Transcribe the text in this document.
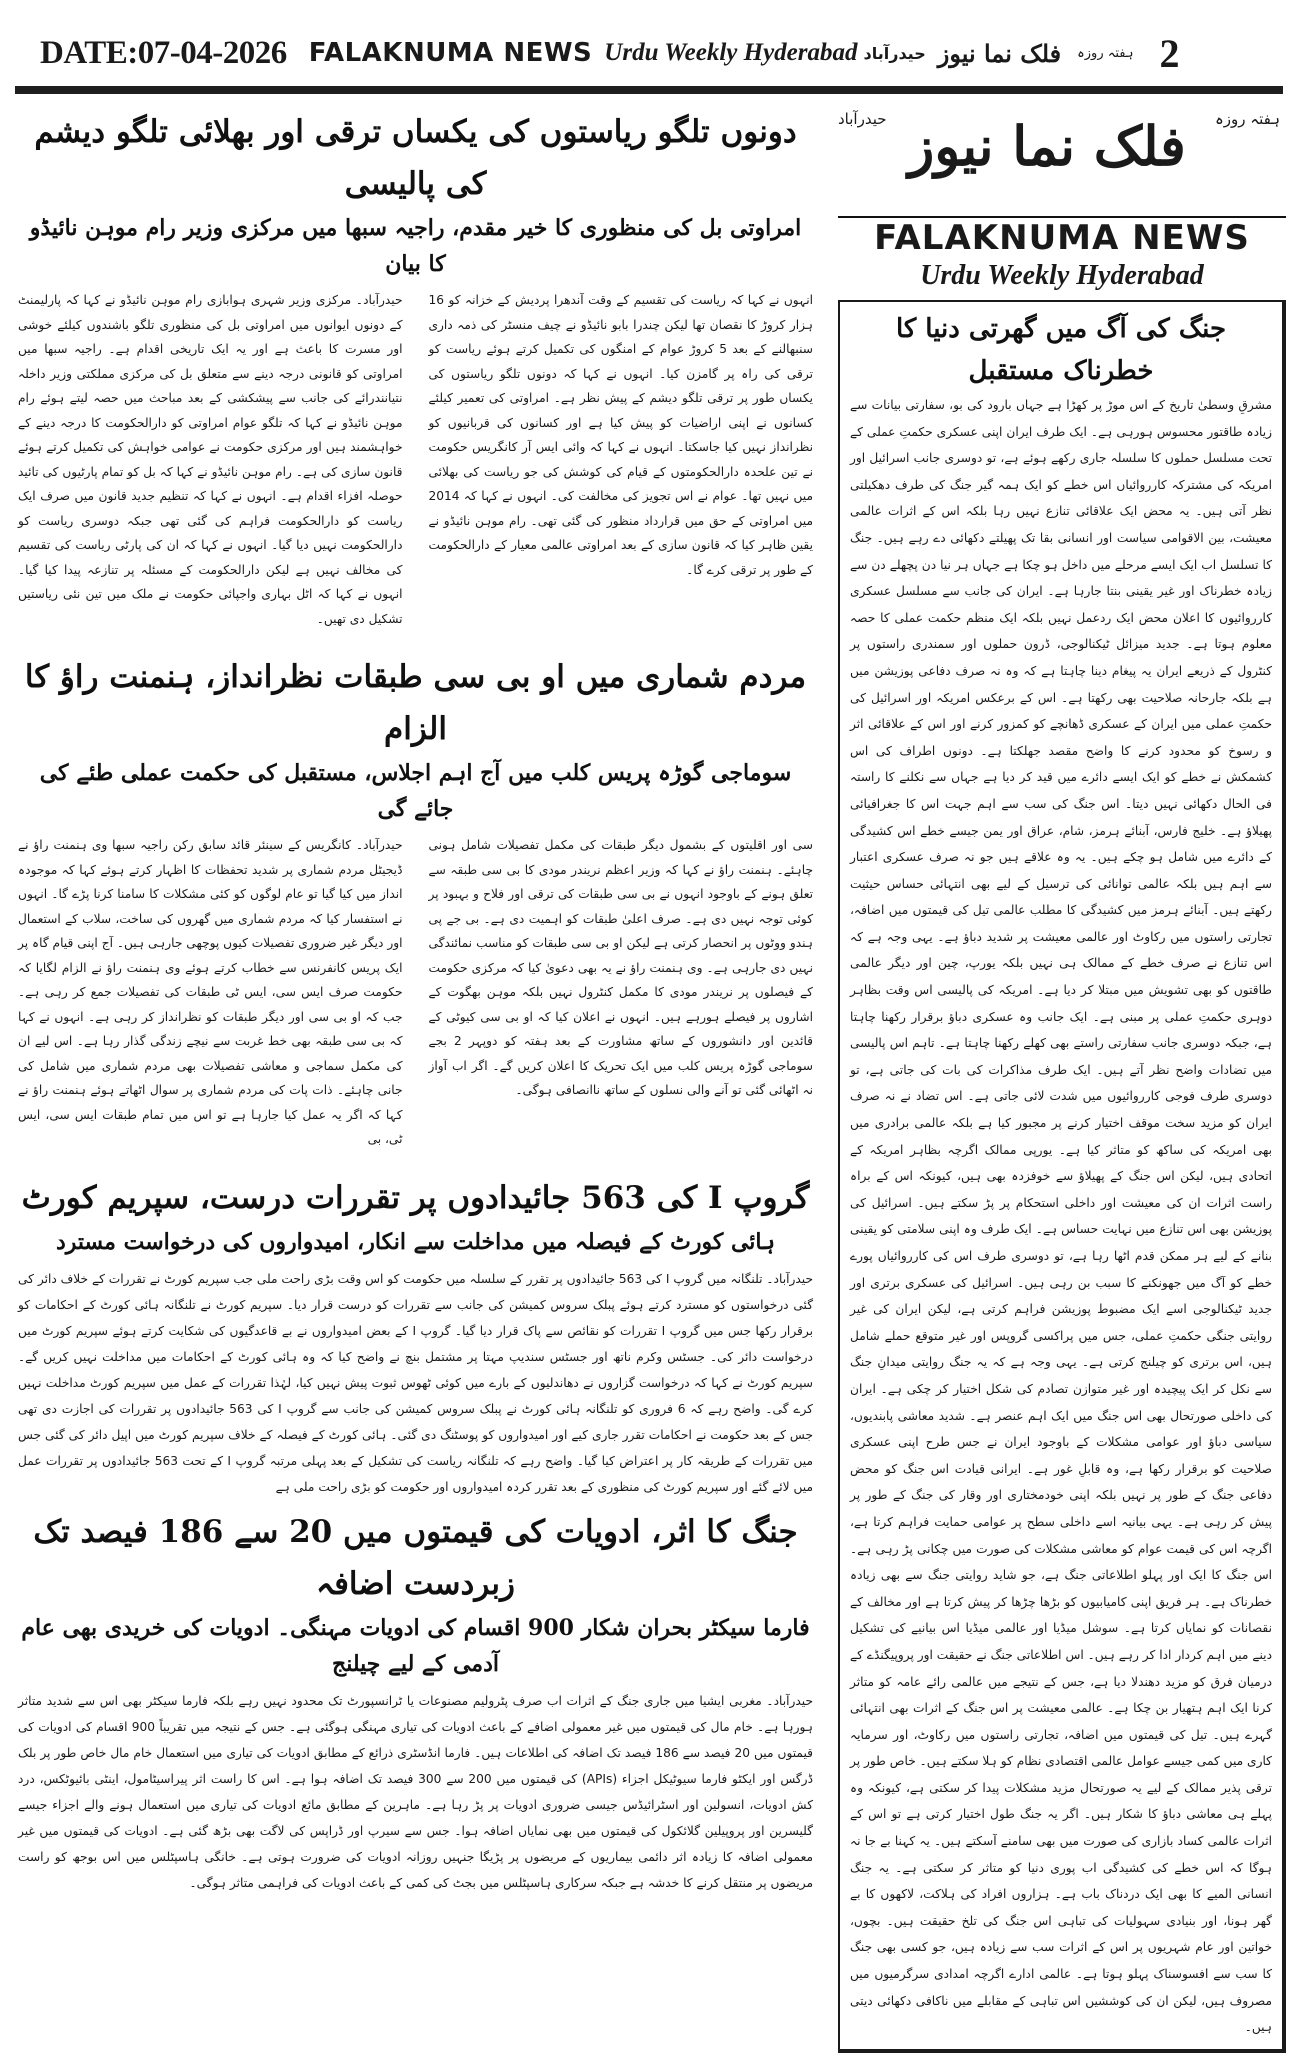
DATE:07-04-2026 FALAKNUMA NEWS Urdu Weekly Hyderabad حیدرآباد فلک نما نیوز ہفتہ روزہ 2
دونوں تلگو ریاستوں کی یکساں ترقی اور بھلائی تلگو دیشم کی پالیسی
امراوتی بل کی منظوری کا خیر مقدم، راجیہ سبھا میں مرکزی وزیر رام موہن نائیڈو کا بیان
حیدرآباد۔ مرکزی وزیر شہری ہوابازی رام موہن نائیڈو نے کہا کہ پارلیمنٹ کے دونوں ایوانوں میں امراوتی بل کی منظوری تلگو باشندوں کیلئے خوشی اور مسرت کا باعث ہے اور یہ ایک تاریخی اقدام ہے۔ راجیہ سبھا میں امراوتی کو قانونی درجہ دینے سے متعلق بل کی مرکزی مملکتی وزیر داخلہ نتیانندرائے کی جانب سے پیشکشی کے بعد مباحث میں حصہ لیتے ہوئے رام موہن نائیڈو نے کہا کہ تلگو عوام امراوتی کو دارالحکومت کا درجہ دینے کے خواہشمند ہیں اور مرکزی حکومت نے عوامی خواہش کی تکمیل کرتے ہوئے قانون سازی کی ہے۔ رام موہن نائیڈو نے کہا کہ بل کو تمام پارٹیوں کی تائید حوصلہ افزاء اقدام ہے۔ انہوں نے کہا کہ تنظیم جدید قانون میں صرف ایک ریاست کو دارالحکومت فراہم کی گئی تھی جبکہ دوسری ریاست کو دارالحکومت نہیں دیا گیا۔ انہوں نے کہا کہ ان کی پارٹی ریاست کی تقسیم کی مخالف نہیں ہے لیکن دارالحکومت کے مسئلہ پر تنازعہ پیدا کیا گیا۔ انہوں نے کہا کہ اٹل بہاری واجپائی حکومت نے ملک میں تین نئی ریاستیں تشکیل دی تھیں۔
انہوں نے کہا کہ ریاست کی تقسیم کے وقت آندھرا پردیش کے خزانہ کو 16 ہزار کروڑ کا نقصان تھا لیکن چندرا بابو نائیڈو نے چیف منسٹر کی ذمہ داری سنبھالنے کے بعد 5 کروڑ عوام کے امنگوں کی تکمیل کرتے ہوئے ریاست کو ترقی کی راہ پر گامزن کیا۔ انہوں نے کہا کہ دونوں تلگو ریاستوں کی یکساں طور پر ترقی تلگو دیشم کے پیش نظر ہے۔ امراوتی کی تعمیر کیلئے کسانوں نے اپنی اراضیات کو پیش کیا ہے اور کسانوں کی قربانیوں کو نظرانداز نہیں کیا جاسکتا۔ انہوں نے کہا کہ وائی ایس آر کانگریس حکومت نے تین علحدہ دارالحکومتوں کے قیام کی کوشش کی جو ریاست کی بھلائی میں نہیں تھا۔ عوام نے اس تجویز کی مخالفت کی۔ انہوں نے کہا کہ 2014 میں امراوتی کے حق میں قرارداد منظور کی گئی تھی۔ رام موہن نائیڈو نے یقین ظاہر کیا کہ قانون سازی کے بعد امراوتی عالمی معیار کے دارالحکومت کے طور پر ترقی کرے گا۔
مردم شماری میں او بی سی طبقات نظرانداز، ہنمنت راؤ کا الزام
سوماجی گوڑہ پریس کلب میں آج اہم اجلاس، مستقبل کی حکمت عملی طئے کی جائے گی
حیدرآباد۔ کانگریس کے سینئر قائد سابق رکن راجیہ سبھا وی ہنمنت راؤ نے ڈیجیٹل مردم شماری پر شدید تحفظات کا اظہار کرتے ہوئے کہا کہ موجودہ انداز میں کیا گیا تو عام لوگوں کو کئی مشکلات کا سامنا کرنا پڑے گا۔ انہوں نے استفسار کیا کہ مردم شماری میں گھروں کی ساخت، سلاب کے استعمال اور دیگر غیر ضروری تفصیلات کیوں پوچھی جارہی ہیں۔ آج اپنی قیام گاہ پر ایک پریس کانفرنس سے خطاب کرتے ہوئے وی ہنمنت راؤ نے الزام لگایا کہ حکومت صرف ایس سی، ایس ٹی طبقات کی تفصیلات جمع کر رہی ہے۔ جب کہ او بی سی اور دیگر طبقات کو نظرانداز کر رہی ہے۔ انہوں نے کہا کہ بی سی طبقہ بھی خط غربت سے نیچے زندگی گذار رہا ہے۔ اس لیے ان کی مکمل سماجی و معاشی تفصیلات بھی مردم شماری میں شامل کی جانی چاہئے۔ ذات پات کی مردم شماری پر سوال اٹھاتے ہوئے ہنمنت راؤ نے کہا کہ اگر یہ عمل کیا جارہا ہے تو اس میں تمام طبقات ایس سی، ایس ٹی، بی
سی اور اقلیتوں کے بشمول دیگر طبقات کی مکمل تفصیلات شامل ہونی چاہئے۔ ہنمنت راؤ نے کہا کہ وزیر اعظم نریندر مودی کا بی سی طبقہ سے تعلق ہونے کے باوجود انہوں نے بی سی طبقات کی ترقی اور فلاح و بہبود پر کوئی توجہ نہیں دی ہے۔ صرف اعلیٰ طبقات کو اہمیت دی ہے۔ بی جے پی ہندو ووٹوں پر انحصار کرتی ہے لیکن او بی سی طبقات کو مناسب نمائندگی نہیں دی جارہی ہے۔ وی ہنمنت راؤ نے یہ بھی دعویٰ کیا کہ مرکزی حکومت کے فیصلوں پر نریندر مودی کا مکمل کنٹرول نہیں بلکہ موہن بھگوت کے اشاروں پر فیصلے ہورہے ہیں۔ انہوں نے اعلان کیا کہ او بی سی کیوٹی کے قائدین اور دانشوروں کے ساتھ مشاورت کے بعد ہفتہ کو دوپہر 2 بجے سوماجی گوڑہ پریس کلب میں ایک تحریک کا اعلان کریں گے۔ اگر اب آواز نہ اٹھائی گئی تو آنے والی نسلوں کے ساتھ ناانصافی ہوگی۔
گروپ I کی 563 جائیدادوں پر تقررات درست، سپریم کورٹ
ہائی کورٹ کے فیصلہ میں مداخلت سے انکار، امیدواروں کی درخواست مسترد
حیدرآباد۔ تلنگانہ میں گروپ I کی 563 جائیدادوں پر تقرر کے سلسلہ میں حکومت کو اس وقت بڑی راحت ملی جب سپریم کورٹ نے تقررات کے خلاف دائر کی گئی درخواستوں کو مسترد کرتے ہوئے پبلک سروس کمیشن کی جانب سے تقررات کو درست قرار دیا۔ سپریم کورٹ نے تلنگانہ ہائی کورٹ کے احکامات کو برقرار رکھا جس میں گروپ I تقررات کو نقائص سے پاک قرار دیا گیا۔ گروپ I کے بعض امیدواروں نے بے قاعدگیوں کی شکایت کرتے ہوئے سپریم کورٹ میں درخواست دائر کی۔ جسٹس وکرم ناتھ اور جسٹس سندیپ مہتا پر مشتمل بنچ نے واضح کیا کہ وہ ہائی کورٹ کے احکامات میں مداخلت نہیں کریں گے۔ سپریم کورٹ نے کہا کہ درخواست گزاروں نے دھاندلیوں کے بارے میں کوئی ٹھوس ثبوت پیش نہیں کیا، لہٰذا تقررات کے عمل میں سپریم کورٹ مداخلت نہیں کرے گی۔ واضح رہے کہ 6 فروری کو تلنگانہ ہائی کورٹ نے پبلک سروس کمیشن کی جانب سے گروپ I کی 563 جائیدادوں پر تقررات کی اجازت دی تھی جس کے بعد حکومت نے احکامات تقرر جاری کیے اور امیدواروں کو پوسٹنگ دی گئی۔ ہائی کورٹ کے فیصلہ کے خلاف سپریم کورٹ میں اپیل دائر کی گئی جس میں تقررات کے طریقہ کار پر اعتراض کیا گیا۔ واضح رہے کہ تلنگانہ ریاست کی تشکیل کے بعد پہلی مرتبہ گروپ I کے تحت 563 جائیدادوں پر تقررات عمل میں لائے گئے اور سپریم کورٹ کی منظوری کے بعد تقرر کردہ امیدواروں اور حکومت کو بڑی راحت ملی ہے
جنگ کا اثر، ادویات کی قیمتوں میں 20 سے 186 فیصد تک زبردست اضافہ
فارما سیکٹر بحران شکار 900 اقسام کی ادویات مہنگی۔ ادویات کی خریدی بھی عام آدمی کے لیے چیلنج
حیدرآباد۔ مغربی ایشیا میں جاری جنگ کے اثرات اب صرف پٹرولیم مصنوعات یا ٹرانسپورٹ تک محدود نہیں رہے بلکہ فارما سیکٹر بھی اس سے شدید متاثر ہورہا ہے۔ خام مال کی قیمتوں میں غیر معمولی اضافے کے باعث ادویات کی تیاری مہنگی ہوگئی ہے۔ جس کے نتیجہ میں تقریباً 900 اقسام کی ادویات کی قیمتوں میں 20 فیصد سے 186 فیصد تک اضافہ کی اطلاعات ہیں۔ فارما انڈسٹری ذرائع کے مطابق ادویات کی تیاری میں استعمال خام مال خاص طور پر بلک ڈرگس اور ایکٹو فارما سیوٹیکل اجزاء (APIs) کی قیمتوں میں 200 سے 300 فیصد تک اضافہ ہوا ہے۔ اس کا راست اثر پیراسیٹامول، اینٹی بائیوٹکس، درد کش ادویات، انسولین اور اسٹرائیڈس جیسی ضروری ادویات پر پڑ رہا ہے۔ ماہرین کے مطابق مائع ادویات کی تیاری میں استعمال ہونے والے اجزاء جیسے گلیسرین اور پروپیلین گلائکول کی قیمتوں میں بھی نمایاں اضافہ ہوا۔ جس سے سیرپ اور ڈراپس کی لاگت بھی بڑھ گئی ہے۔ ادویات کی قیمتوں میں غیر معمولی اضافہ کا زیادہ اثر دائمی بیماریوں کے مریضوں پر پڑیگا جنہیں روزانہ ادویات کی ضرورت ہوتی ہے۔ خانگی ہاسپٹلس میں اس بوجھ کو راست مریضوں پر منتقل کرنے کا خدشہ ہے جبکہ سرکاری ہاسپٹلس میں بجٹ کی کمی کے باعث ادویات کی فراہمی متاثر ہوگی۔
ہفتہ روزہ
حیدرآباد فلک نما نیوز
FALAKNUMA NEWS
Urdu Weekly Hyderabad
جنگ کی آگ میں گھرتی دنیا کا خطرناک مستقبل
مشرقِ وسطیٰ تاریخ کے اس موڑ پر کھڑا ہے جہاں بارود کی بو، سفارتی بیانات سے زیادہ طاقتور محسوس ہورہی ہے۔ ایک طرف ایران اپنی عسکری حکمتِ عملی کے تحت مسلسل حملوں کا سلسلہ جاری رکھے ہوئے ہے، تو دوسری جانب اسرائیل اور امریکہ کی مشترکہ کارروائیاں اس خطے کو ایک ہمہ گیر جنگ کی طرف دھکیلتی نظر آتی ہیں۔ یہ محض ایک علاقائی تنازع نہیں رہا بلکہ اس کے اثرات عالمی معیشت، بین الاقوامی سیاست اور انسانی بقا تک پھیلتے دکھائی دے رہے ہیں۔ جنگ کا تسلسل اب ایک ایسے مرحلے میں داخل ہو چکا ہے جہاں ہر نیا دن پچھلے دن سے زیادہ خطرناک اور غیر یقینی بنتا جارہا ہے۔ ایران کی جانب سے مسلسل عسکری کارروائیوں کا اعلان محض ایک ردعمل نہیں بلکہ ایک منظم حکمت عملی کا حصہ معلوم ہوتا ہے۔ جدید میزائل ٹیکنالوجی، ڈرون حملوں اور سمندری راستوں پر کنٹرول کے ذریعے ایران یہ پیغام دینا چاہتا ہے کہ وہ نہ صرف دفاعی پوزیشن میں ہے بلکہ جارحانہ صلاحیت بھی رکھتا ہے۔ اس کے برعکس امریکہ اور اسرائیل کی حکمتِ عملی میں ایران کے عسکری ڈھانچے کو کمزور کرنے اور اس کے علاقائی اثر و رسوخ کو محدود کرنے کا واضح مقصد جھلکتا ہے۔ دونوں اطراف کی اس کشمکش نے خطے کو ایک ایسے دائرے میں قید کر دیا ہے جہاں سے نکلنے کا راستہ فی الحال دکھائی نہیں دیتا۔ اس جنگ کی سب سے اہم جہت اس کا جغرافیائی پھیلاؤ ہے۔ خلیج فارس، آبنائے ہرمز، شام، عراق اور یمن جیسے خطے اس کشیدگی کے دائرے میں شامل ہو چکے ہیں۔ یہ وہ علاقے ہیں جو نہ صرف عسکری اعتبار سے اہم ہیں بلکہ عالمی توانائی کی ترسیل کے لیے بھی انتہائی حساس حیثیت رکھتے ہیں۔ آبنائے ہرمز میں کشیدگی کا مطلب عالمی تیل کی قیمتوں میں اضافہ، تجارتی راستوں میں رکاوٹ اور عالمی معیشت پر شدید دباؤ ہے۔ یہی وجہ ہے کہ اس تنازع نے صرف خطے کے ممالک ہی نہیں بلکہ یورپ، چین اور دیگر عالمی طاقتوں کو بھی تشویش میں مبتلا کر دیا ہے۔ امریکہ کی پالیسی اس وقت بظاہر دوہری حکمتِ عملی پر مبنی ہے۔ ایک جانب وہ عسکری دباؤ برقرار رکھنا چاہتا ہے، جبکہ دوسری جانب سفارتی راستے بھی کھلے رکھنا چاہتا ہے۔ تاہم اس پالیسی میں تضادات واضح نظر آتے ہیں۔ ایک طرف مذاکرات کی بات کی جاتی ہے، تو دوسری طرف فوجی کارروائیوں میں شدت لائی جاتی ہے۔ اس تضاد نے نہ صرف ایران کو مزید سخت موقف اختیار کرنے پر مجبور کیا ہے بلکہ عالمی برادری میں بھی امریکہ کی ساکھ کو متاثر کیا ہے۔ یورپی ممالک اگرچہ بظاہر امریکہ کے اتحادی ہیں، لیکن اس جنگ کے پھیلاؤ سے خوفزدہ بھی ہیں، کیونکہ اس کے براہ راست اثرات ان کی معیشت اور داخلی استحکام پر پڑ سکتے ہیں۔ اسرائیل کی پوزیشن بھی اس تنازع میں نہایت حساس ہے۔ ایک طرف وہ اپنی سلامتی کو یقینی بنانے کے لیے ہر ممکن قدم اٹھا رہا ہے، تو دوسری طرف اس کی کارروائیاں پورے خطے کو آگ میں جھونکنے کا سبب بن رہی ہیں۔ اسرائیل کی عسکری برتری اور جدید ٹیکنالوجی اسے ایک مضبوط پوزیشن فراہم کرتی ہے، لیکن ایران کی غیر روایتی جنگی حکمتِ عملی، جس میں پراکسی گروپس اور غیر متوقع حملے شامل ہیں، اس برتری کو چیلنج کرتی ہے۔ یہی وجہ ہے کہ یہ جنگ روایتی میدانِ جنگ سے نکل کر ایک پیچیدہ اور غیر متوازن تصادم کی شکل اختیار کر چکی ہے۔ ایران کی داخلی صورتحال بھی اس جنگ میں ایک اہم عنصر ہے۔ شدید معاشی پابندیوں، سیاسی دباؤ اور عوامی مشکلات کے باوجود ایران نے جس طرح اپنی عسکری صلاحیت کو برقرار رکھا ہے، وہ قابلِ غور ہے۔ ایرانی قیادت اس جنگ کو محض دفاعی جنگ کے طور پر نہیں بلکہ اپنی خودمختاری اور وقار کی جنگ کے طور پر پیش کر رہی ہے۔ یہی بیانیہ اسے داخلی سطح پر عوامی حمایت فراہم کرتا ہے، اگرچہ اس کی قیمت عوام کو معاشی مشکلات کی صورت میں چکانی پڑ رہی ہے۔ اس جنگ کا ایک اور پہلو اطلاعاتی جنگ ہے، جو شاید روایتی جنگ سے بھی زیادہ خطرناک ہے۔ ہر فریق اپنی کامیابیوں کو بڑھا چڑھا کر پیش کرتا ہے اور مخالف کے نقصانات کو نمایاں کرتا ہے۔ سوشل میڈیا اور عالمی میڈیا اس بیانیے کی تشکیل دینے میں اہم کردار ادا کر رہے ہیں۔ اس اطلاعاتی جنگ نے حقیقت اور پروپیگنڈے کے درمیان فرق کو مزید دھندلا دیا ہے، جس کے نتیجے میں عالمی رائے عامہ کو متاثر کرنا ایک اہم ہتھیار بن چکا ہے۔ عالمی معیشت پر اس جنگ کے اثرات بھی انتہائی گہرے ہیں۔ تیل کی قیمتوں میں اضافہ، تجارتی راستوں میں رکاوٹ، اور سرمایہ کاری میں کمی جیسے عوامل عالمی اقتصادی نظام کو ہلا سکتے ہیں۔ خاص طور پر ترقی پذیر ممالک کے لیے یہ صورتحال مزید مشکلات پیدا کر سکتی ہے، کیونکہ وہ پہلے ہی معاشی دباؤ کا شکار ہیں۔ اگر یہ جنگ طول اختیار کرتی ہے تو اس کے اثرات عالمی کساد بازاری کی صورت میں بھی سامنے آسکتے ہیں۔ یہ کہنا بے جا نہ ہوگا کہ اس خطے کی کشیدگی اب پوری دنیا کو متاثر کر سکتی ہے۔ یہ جنگ انسانی المیے کا بھی ایک دردناک باب ہے۔ ہزاروں افراد کی ہلاکت، لاکھوں کا بے گھر ہونا، اور بنیادی سہولیات کی تباہی اس جنگ کی تلخ حقیقت ہیں۔ بچوں، خواتین اور عام شہریوں پر اس کے اثرات سب سے زیادہ ہیں، جو کسی بھی جنگ کا سب سے افسوسناک پہلو ہوتا ہے۔ عالمی ادارے اگرچہ امدادی سرگرمیوں میں مصروف ہیں، لیکن ان کی کوششیں اس تباہی کے مقابلے میں ناکافی دکھائی دیتی ہیں۔
